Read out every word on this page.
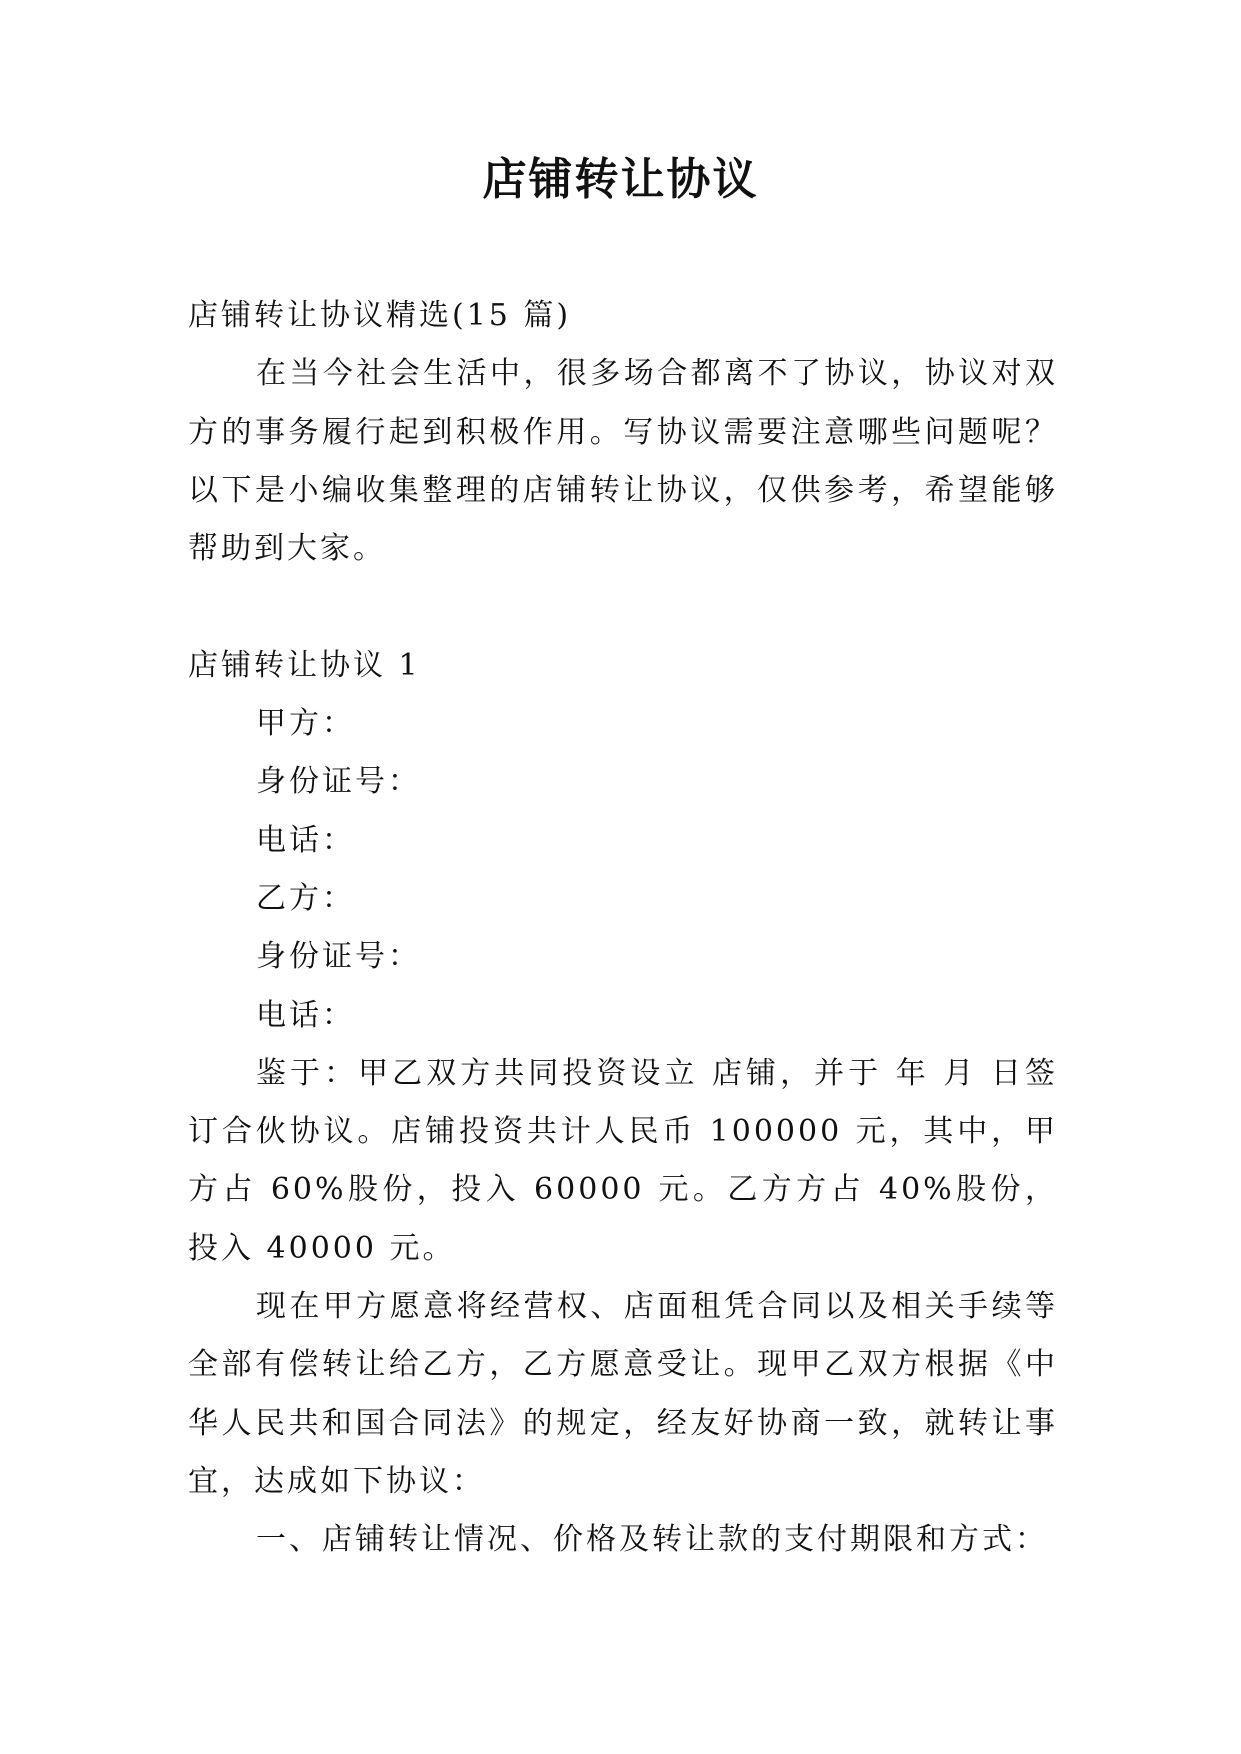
店铺转让协议

店铺转让协议精选(15 篇)

在当今社会生活中，很多场合都离不了协议，协议对双方的事务履行起到积极作用。写协议需要注意哪些问题呢？以下是小编收集整理的店铺转让协议，仅供参考，希望能够帮助到大家。

店铺转让协议 1

甲方：

身份证号：

电话：

乙方：

身份证号：

电话：

鉴于：甲乙双方共同投资设立 店铺，并于 年 月 日签订合伙协议。店铺投资共计人民币 100000 元，其中，甲方占 60%股份，投入 60000 元。乙方方占 40%股份，投入 40000 元。

现在甲方愿意将经营权、店面租凭合同以及相关手续等全部有偿转让给乙方，乙方愿意受让。现甲乙双方根据《中华人民共和国合同法》的规定，经友好协商一致，就转让事宜，达成如下协议：

一、店铺转让情况、价格及转让款的支付期限和方式：
